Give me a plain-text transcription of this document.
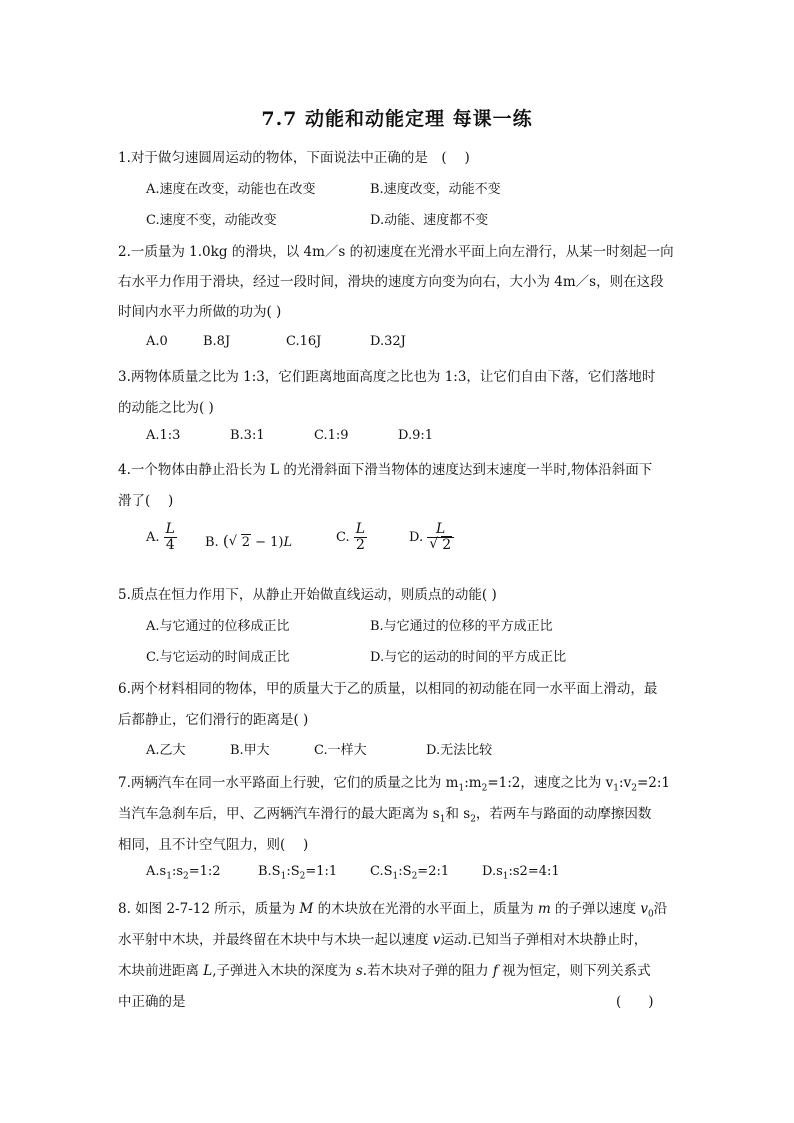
7.7 动能和动能定理 每课一练
1.对于做匀速圆周运动的物体，下面说法中正确的是　(　 )
A.速度在改变，动能也在改变	B.速度改变，动能不变
C.速度不变，动能改变	D.动能、速度都不变
2.一质量为 1.0kg 的滑块，以 4m／s 的初速度在光滑水平面上向左滑行，从某一时刻起一向
右水平力作用于滑块，经过一段时间，滑块的速度方向变为向右，大小为 4m／s，则在这段
时间内水平力所做的功为( )
A.0	B.8J	C.16J	D.32J
3.两物体质量之比为 1:3，它们距离地面高度之比也为 1:3，让它们自由下落，它们落地时
的动能之比为( )
A.1:3	B.3:1	C.1:9	D.9:1
4.一个物体由静止沿长为 L 的光滑斜面下滑当物体的速度达到末速度一半时,物体沿斜面下
滑了(　 )
A. $\frac{L}{4} B$. (√ 2 − 1)L	C. $\frac{L}{2}$	D. L
√ 2
5.质点在恒力作用下，从静止开始做直线运动，则质点的动能( )
A.与它通过的位移成正比	B.与它通过的位移的平方成正比
C.与它运动的时间成正比	D.与它的运动的时间的平方成正比
6.两个材料相同的物体，甲的质量大于乙的质量，以相同的初动能在同一水平面上滑动，最
后都静止，它们滑行的距离是( )
A.乙大	B.甲大	C.一样大	D.无法比较
7.两辆汽车在同一水平路面上行驶，它们的质量之比为 $m_1:m_2=1:2$，速度之比为 $v_1:v_2=2:1$
当汽车急刹车后，甲、乙两辆汽车滑行的最大距离为 $s_1$和 $s_2$，若两车与路面的动摩擦因数
相同，且不计空气阻力，则(　 )
$A.s_1:s_2=1:2$	$B.S_1:S_2=1:1$	$C.S_1:S_2=2:1$	$D.s_1:s2=4:1$
8. 如图 2-7-12 所示，质量为 M 的木块放在光滑的水平面上，质量为 m 的子弹以速度 $v_0$沿
水平射中木块，并最终留在木块中与木块一起以速度 v运动.已知当子弹相对木块静止时，
木块前进距离 L,子弹进入木块的深度为 s.若木块对子弹的阻力 f 视为恒定，则下列关系式
中正确的是	(　　)
